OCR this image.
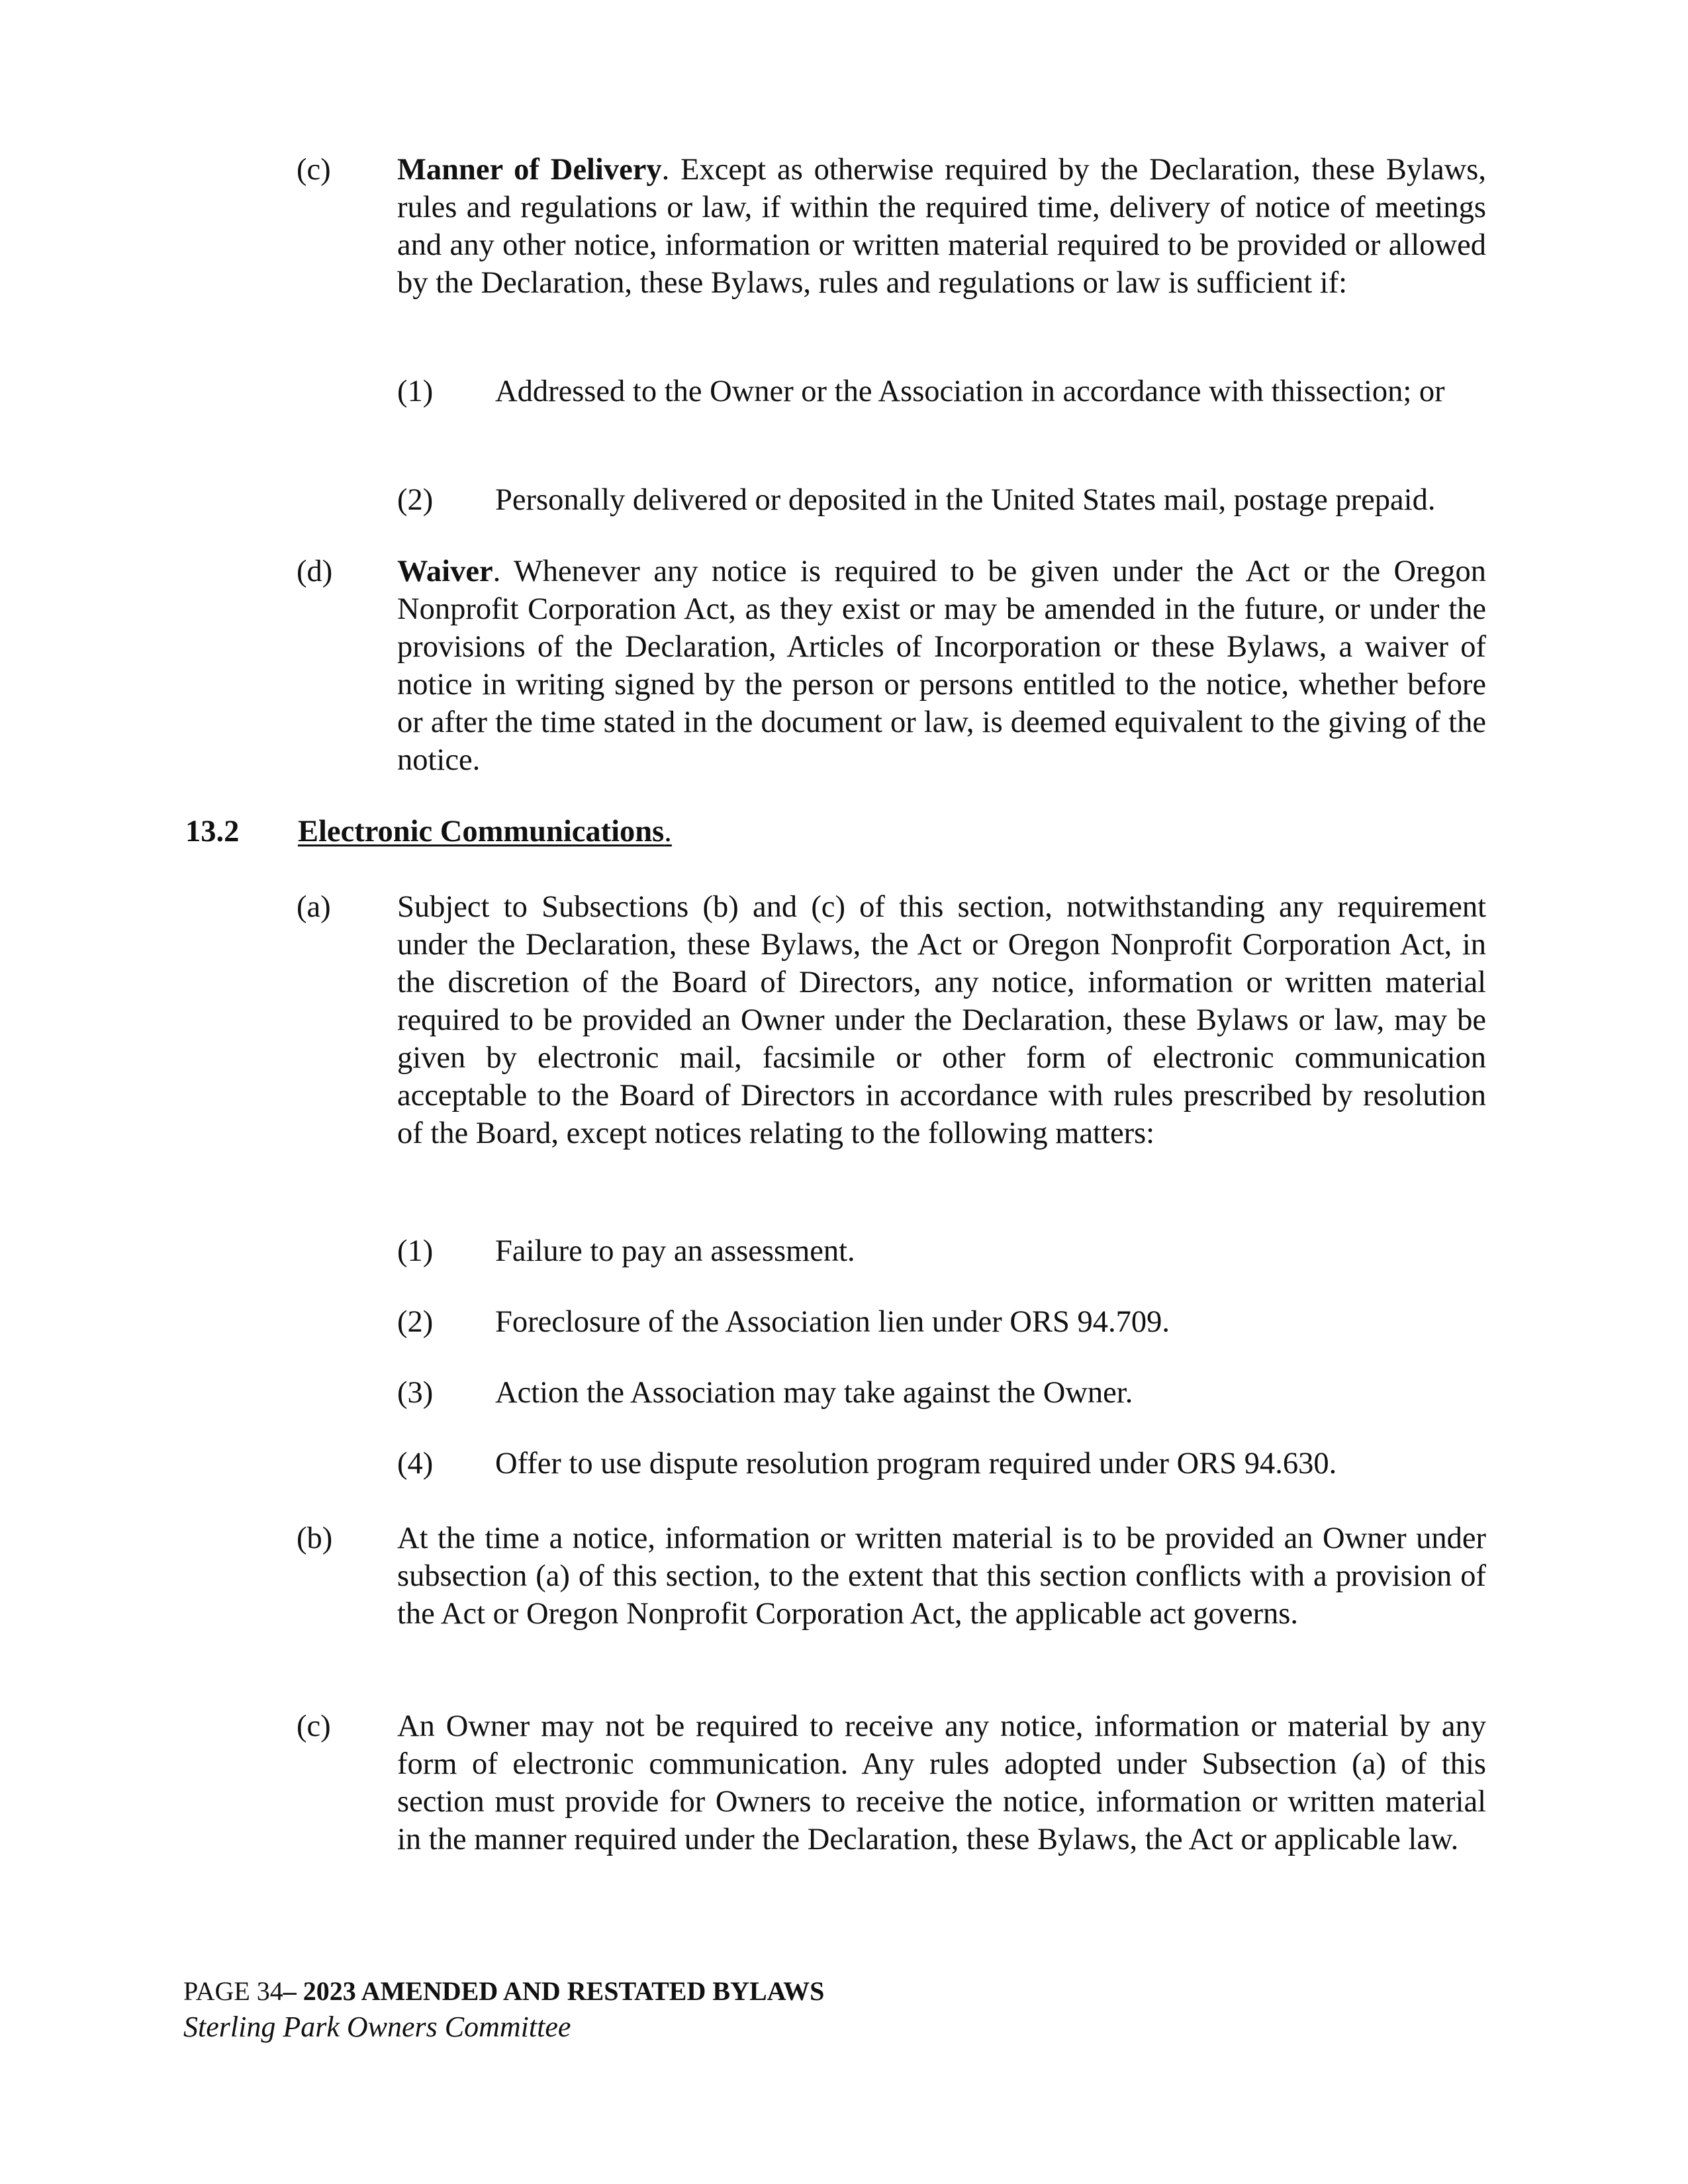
(c) Manner of Delivery. Except as otherwise required by the Declaration, these Bylaws, rules and regulations or law, if within the required time, delivery of notice of meetings and any other notice, information or written material required to be provided or allowed by the Declaration, these Bylaws, rules and regulations or law is sufficient if:
(1) Addressed to the Owner or the Association in accordance with thissection; or
(2) Personally delivered or deposited in the United States mail, postage prepaid.
(d) Waiver. Whenever any notice is required to be given under the Act or the Oregon Nonprofit Corporation Act, as they exist or may be amended in the future, or under the provisions of the Declaration, Articles of Incorporation or these Bylaws, a waiver of notice in writing signed by the person or persons entitled to the notice, whether before or after the time stated in the document or law, is deemed equivalent to the giving of the notice.
13.2 Electronic Communications.
(a) Subject to Subsections (b) and (c) of this section, notwithstanding any requirement under the Declaration, these Bylaws, the Act or Oregon Nonprofit Corporation Act, in the discretion of the Board of Directors, any notice, information or written material required to be provided an Owner under the Declaration, these Bylaws or law, may be given by electronic mail, facsimile or other form of electronic communication acceptable to the Board of Directors in accordance with rules prescribed by resolution of the Board, except notices relating to the following matters:
(1) Failure to pay an assessment.
(2) Foreclosure of the Association lien under ORS 94.709.
(3) Action the Association may take against the Owner.
(4) Offer to use dispute resolution program required under ORS 94.630.
(b) At the time a notice, information or written material is to be provided an Owner under subsection (a) of this section, to the extent that this section conflicts with a provision of the Act or Oregon Nonprofit Corporation Act, the applicable act governs.
(c) An Owner may not be required to receive any notice, information or material by any form of electronic communication. Any rules adopted under Subsection (a) of this section must provide for Owners to receive the notice, information or written material in the manner required under the Declaration, these Bylaws, the Act or applicable law.
PAGE 34– 2023 AMENDED AND RESTATED BYLAWS
Sterling Park Owners Committee
